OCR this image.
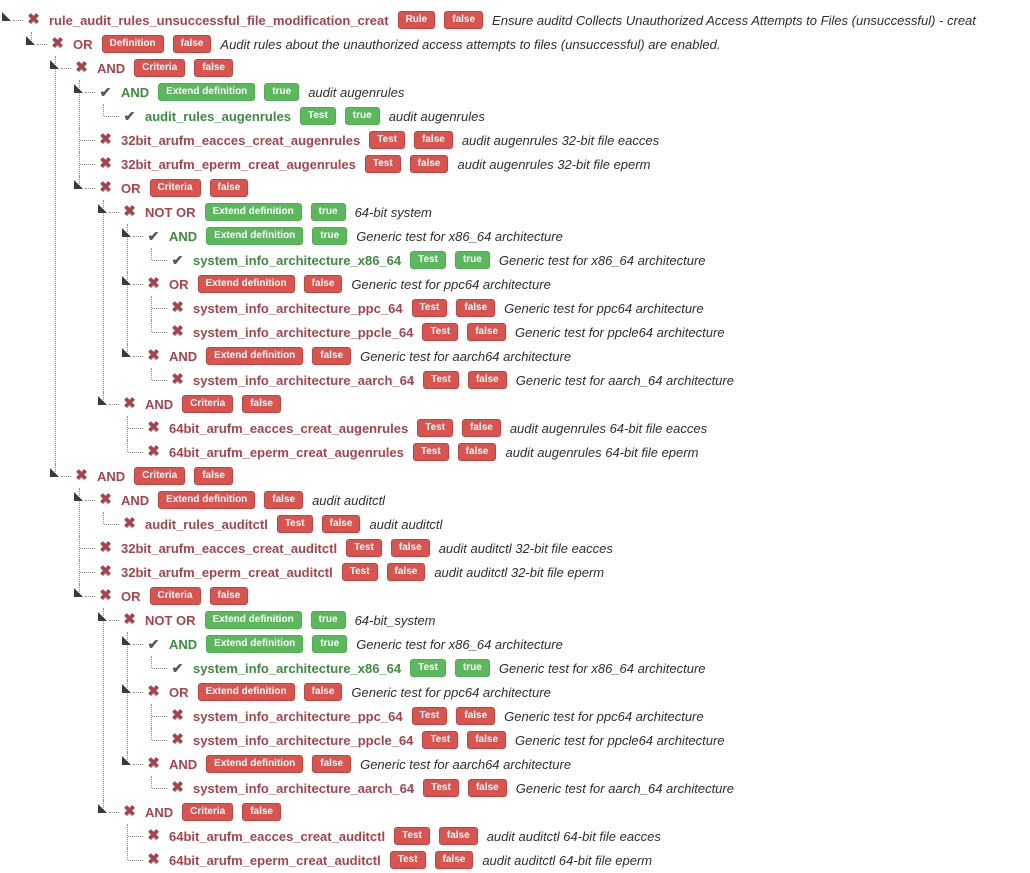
✖ rule_audit_rules_unsuccessful_file_modification_creat	Rule	false	Ensure auditd Collects Unauthorized Access Attempts to Files (unsuccessful) - creat
✖ OR	Definition	false	Audit rules about the unauthorized access attempts to files (unsuccessful) are enabled.
✖ AND	Criteria	false
✔ AND	Extend definition	true	audit augenrules
✔ audit_rules_augenrules	Test	true	audit augenrules
✖ 32bit_arufm_eacces_creat_augenrules	Test	false	audit augenrules 32-bit file eacces
✖ 32bit_arufm_eperm_creat_augenrules	Test	false	audit augenrules 32-bit file eperm
✖ OR	Criteria	false
✖ NOT OR	Extend definition	true	64-bit system
✔ AND	Extend definition	true	Generic test for x86_64 architecture
✔ system_info_architecture_x86_64	Test	true	Generic test for x86_64 architecture
✖ OR	Extend definition	false	Generic test for ppc64 architecture
✖ system_info_architecture_ppc_64	Test	false	Generic test for ppc64 architecture
✖ system_info_architecture_ppcle_64	Test	false	Generic test for ppcle64 architecture
✖ AND	Extend definition	false	Generic test for aarch64 architecture
✖ system_info_architecture_aarch_64	Test	false	Generic test for aarch_64 architecture
✖ AND	Criteria	false
✖ 64bit_arufm_eacces_creat_augenrules	Test	false	audit augenrules 64-bit file eacces
✖ 64bit_arufm_eperm_creat_augenrules	Test	false	audit augenrules 64-bit file eperm
✖ AND	Criteria	false
✖ AND	Extend definition	false	audit auditctl
✖ audit_rules_auditctl	Test	false	audit auditctl
✖ 32bit_arufm_eacces_creat_auditctl	Test	false	audit auditctl 32-bit file eacces
✖ 32bit_arufm_eperm_creat_auditctl	Test	false	audit auditctl 32-bit file eperm
✖ OR	Criteria	false
✖ NOT OR	Extend definition	true	64-bit_system
✔ AND	Extend definition	true	Generic test for x86_64 architecture
✔ system_info_architecture_x86_64	Test	true	Generic test for x86_64 architecture
✖ OR	Extend definition	false	Generic test for ppc64 architecture
✖ system_info_architecture_ppc_64	Test	false	Generic test for ppc64 architecture
✖ system_info_architecture_ppcle_64	Test	false	Generic test for ppcle64 architecture
✖ AND	Extend definition	false	Generic test for aarch64 architecture
✖ system_info_architecture_aarch_64	Test	false	Generic test for aarch_64 architecture
✖ AND	Criteria	false
✖ 64bit_arufm_eacces_creat_auditctl	Test	false	audit auditctl 64-bit file eacces
✖ 64bit_arufm_eperm_creat_auditctl	Test	false	audit auditctl 64-bit file eperm
